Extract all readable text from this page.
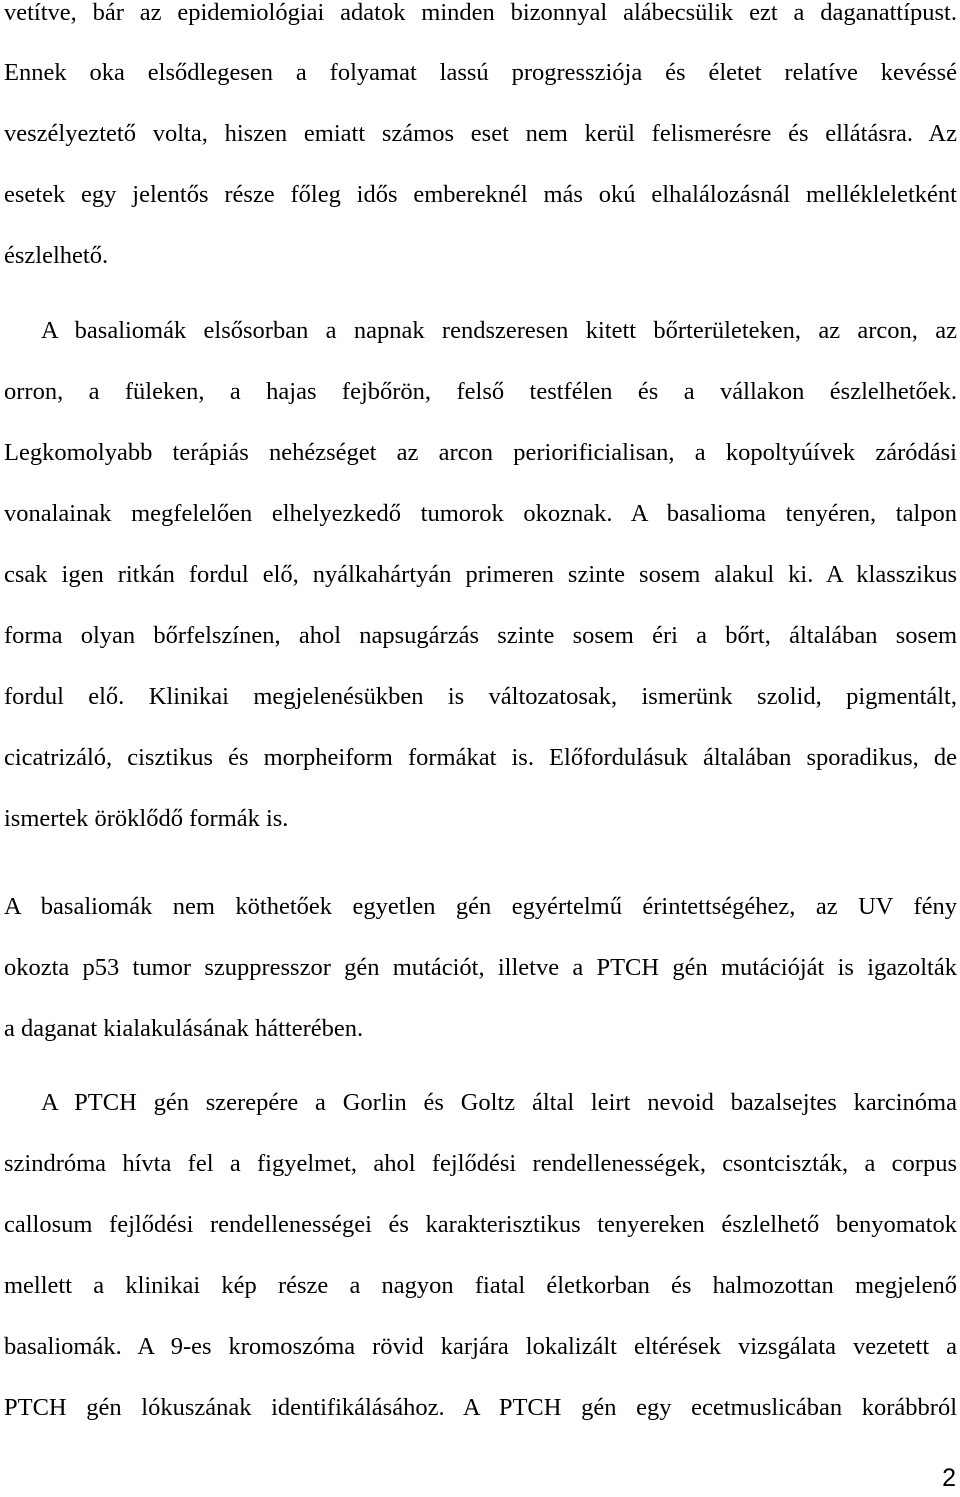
vetítve, bár az epidemiológiai adatok minden bizonnyal alábecsülik ezt a daganattípust.
Ennek oka elsődlegesen a folyamat lassú progressziója és életet relatíve kevéssé
veszélyeztető volta, hiszen emiatt számos eset nem kerül felismerésre és ellátásra. Az
esetek egy jelentős része főleg idős embereknél más okú elhalálozásnál mellékleletként
észlelhető.
A basaliomák elsősorban a napnak rendszeresen kitett bőrterületeken, az arcon, az
orron, a füleken, a hajas fejbőrön, felső testfélen és a vállakon észlelhetőek.
Legkomolyabb terápiás nehézséget az arcon periorificialisan, a kopoltyúívek záródási
vonalainak megfelelően elhelyezkedő tumorok okoznak. A basalioma tenyéren, talpon
csak igen ritkán fordul elő, nyálkahártyán primeren szinte sosem alakul ki. A klasszikus
forma olyan bőrfelszínen, ahol napsugárzás szinte sosem éri a bőrt, általában sosem
fordul elő. Klinikai megjelenésükben is változatosak, ismerünk szolid, pigmentált,
cicatrizáló, cisztikus és morpheiform formákat is. Előfordulásuk általában sporadikus, de
ismertek öröklődő formák is.
A basaliomák nem köthetőek egyetlen gén egyértelmű érintettségéhez, az UV fény
okozta p53 tumor szuppresszor gén mutációt, illetve a PTCH gén mutációját is igazolták
a daganat kialakulásának hátterében.
A PTCH gén szerepére a Gorlin és Goltz által leirt nevoid bazalsejtes karcinóma
szindróma hívta fel a figyelmet, ahol fejlődési rendellenességek, csontciszták, a corpus
callosum fejlődési rendellenességei és karakterisztikus tenyereken észlelhető benyomatok
mellett a klinikai kép része a nagyon fiatal életkorban és halmozottan megjelenő
basaliomák. A 9-es kromoszóma rövid karjára lokalizált eltérések vizsgálata vezetett a
PTCH gén lókuszának identifikálásához. A PTCH gén egy ecetmuslicában korábbról
2
